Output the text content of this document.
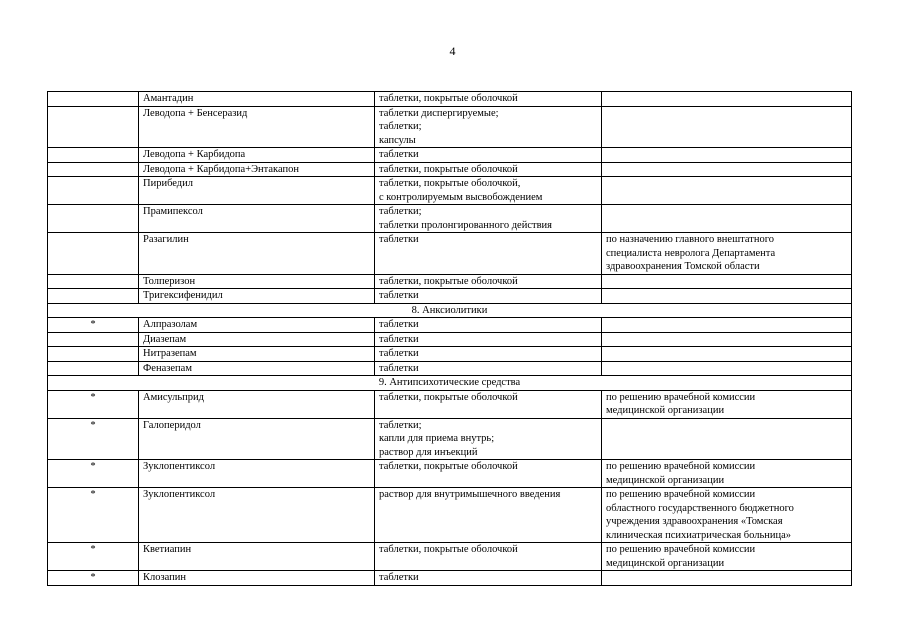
4
	Амантадин	таблетки, покрытые оболочкой	

	Леводопа + Бенсеразид	таблетки диспергируемые;
таблетки;
капсулы	

	Леводопа + Карбидопа	таблетки	

	Леводопа + Карбидопа+Энтакапон	таблетки, покрытые оболочкой	

	Пирибедил	таблетки, покрытые оболочкой,
с контролируемым высвобождением	

	Прамипексол	таблетки;
таблетки пролонгированного действия	

	Разагилин	таблетки	по назначению главного внештатного
специалиста невролога Департамента
здравоохранения Томской области

	Толперизон	таблетки, покрытые оболочкой	

	Тригексифенидил	таблетки	

8. Анксиолитики			
*	Алпразолам	таблетки	

	Диазепам	таблетки	

	Нитразепам	таблетки	

	Феназепам	таблетки	

9. Антипсихотические средства			
*	Амисульприд	таблетки, покрытые оболочкой	по решению врачебной комиссии
медицинской организации

*	Галоперидол	таблетки;
капли для приема внутрь;
раствор для инъекций	

*	Зуклопентиксол	таблетки, покрытые оболочкой	по решению врачебной комиссии
медицинской организации

*	Зуклопентиксол	раствор для внутримышечного введения	по решению врачебной комиссии
областного государственного бюджетного
учреждения здравоохранения «Томская
клиническая психиатрическая больница»

*	Кветиапин	таблетки, покрытые оболочкой	по решению врачебной комиссии
медицинской организации

*	Клозапин	таблетки	
